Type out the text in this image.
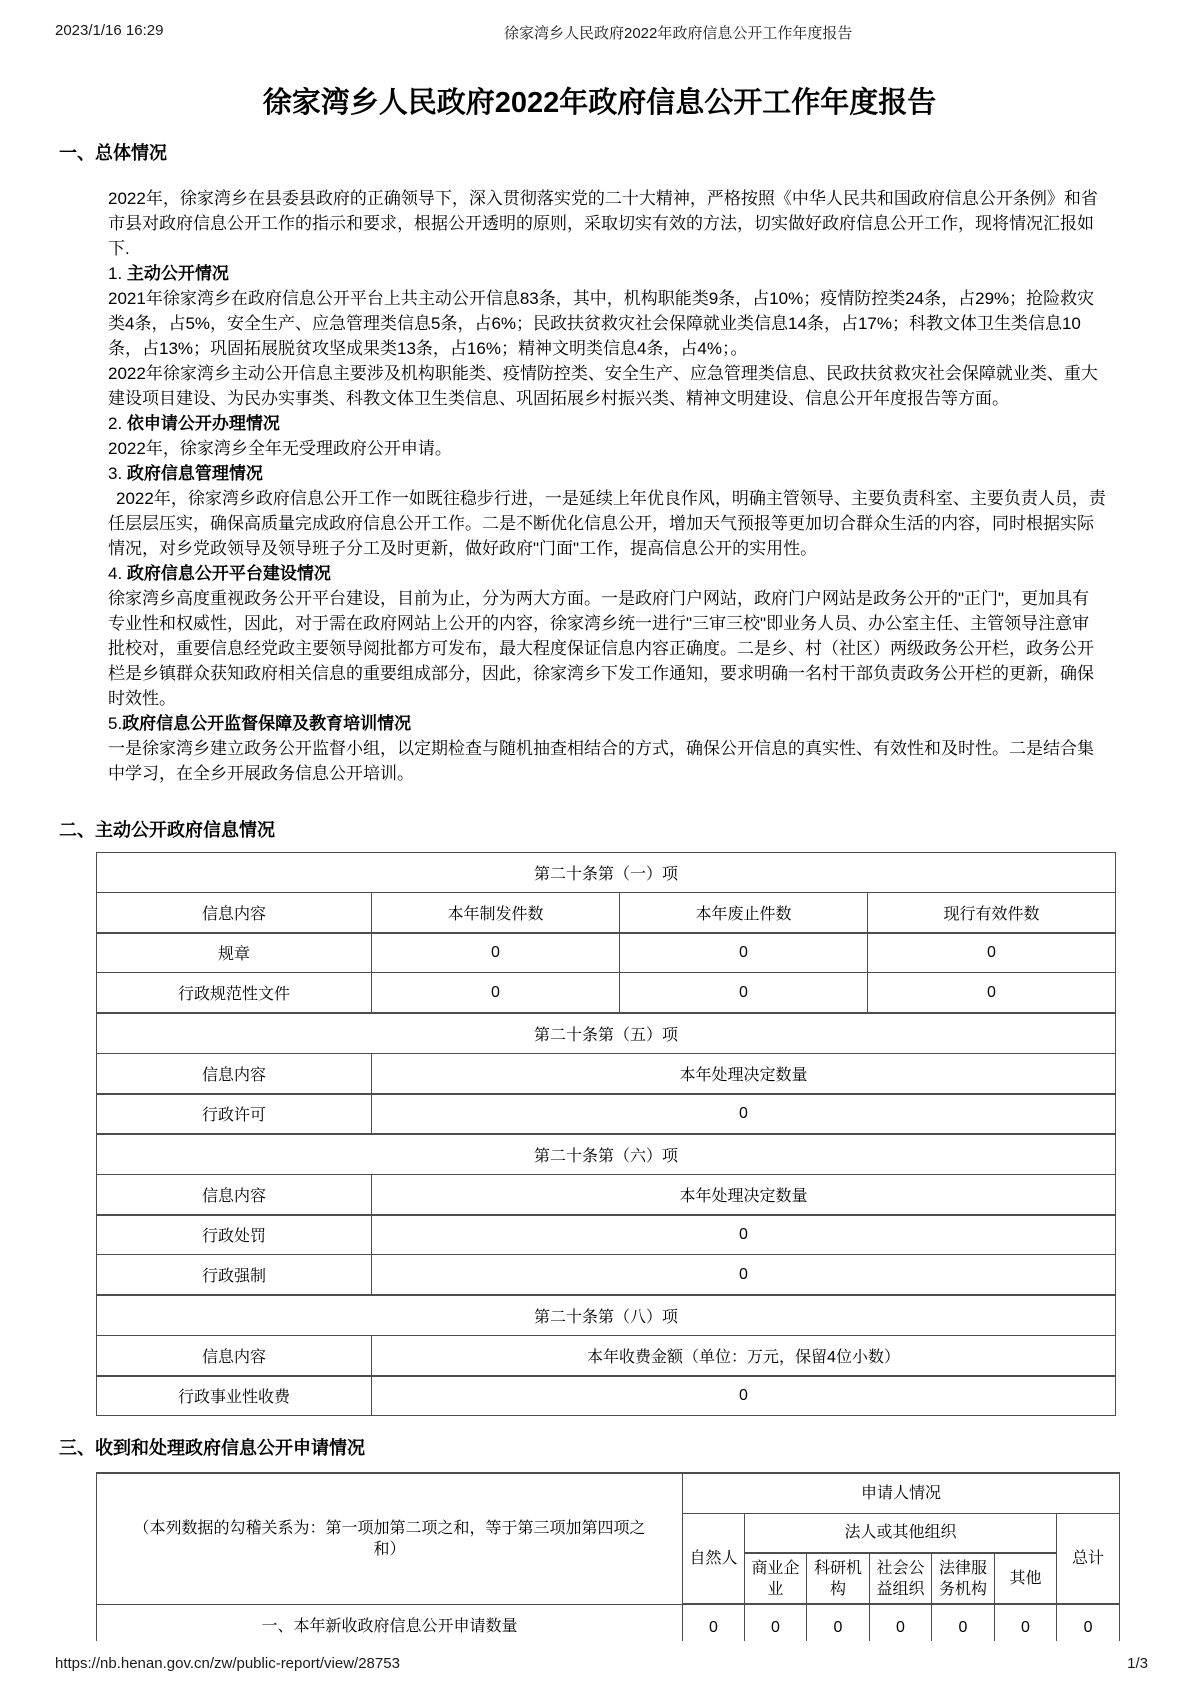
2023/1/16 16:29	徐家湾乡人民政府2022年政府信息公开工作年度报告
徐家湾乡人民政府2022年政府信息公开工作年度报告
一、总体情况

2022年，徐家湾乡在县委县政府的正确领导下，深入贯彻落实党的二十大精神，严格按照《中华人民共和国政府信息公开条例》和省市县对政府信息公开工作的指示和要求，根据公开透明的原则，采取切实有效的方法，切实做好政府信息公开工作，现将情况汇报如下.

1. 主动公开情况

2021年徐家湾乡在政府信息公开平台上共主动公开信息83条，其中，机构职能类9条，占10%；疫情防控类24条，占29%；抢险救灾类4条，占5%，安全生产、应急管理类信息5条，占6%；民政扶贫救灾社会保障就业类信息14条，占17%；科教文体卫生类信息10条，占13%；巩固拓展脱贫攻坚成果类13条，占16%；精神文明类信息4条，占4%；。

2022年徐家湾乡主动公开信息主要涉及机构职能类、疫情防控类、安全生产、应急管理类信息、民政扶贫救灾社会保障就业类、重大建设项目建设、为民办实事类、科教文体卫生类信息、巩固拓展乡村振兴类、精神文明建设、信息公开年度报告等方面。

2. 依申请公开办理情况

2022年，徐家湾乡全年无受理政府公开申请。

3. 政府信息管理情况

2022年，徐家湾乡政府信息公开工作一如既往稳步行进，一是延续上年优良作风，明确主管领导、主要负责科室、主要负责人员，责任层层压实，确保高质量完成政府信息公开工作。二是不断优化信息公开，增加天气预报等更加切合群众生活的内容，同时根据实际情况，对乡党政领导及领导班子分工及时更新，做好政府"门面"工作，提高信息公开的实用性。

4. 政府信息公开平台建设情况

徐家湾乡高度重视政务公开平台建设，目前为止，分为两大方面。一是政府门户网站，政府门户网站是政务公开的"正门"，更加具有专业性和权威性，因此，对于需在政府网站上公开的内容，徐家湾乡统一进行"三审三校"即业务人员、办公室主任、主管领导注意审批校对，重要信息经党政主要领导阅批都方可发布，最大程度保证信息内容正确度。二是乡、村（社区）两级政务公开栏，政务公开栏是乡镇群众获知政府相关信息的重要组成部分，因此，徐家湾乡下发工作通知，要求明确一名村干部负责政务公开栏的更新，确保时效性。

5.政府信息公开监督保障及教育培训情况

一是徐家湾乡建立政务公开监督小组，以定期检查与随机抽查相结合的方式，确保公开信息的真实性、有效性和及时性。二是结合集中学习，在全乡开展政务信息公开培训。

二、主动公开政府信息情况
第二十条第（一）项			
信息内容	本年制发件数	本年废止件数	现行有效件数
规章	0	0	0
行政规范性文件	0	0	0
第二十条第（五）项	
信息内容	本年处理决定数量
行政许可	0
第二十条第（六）项	
信息内容	本年处理决定数量
行政处罚	0
行政强制	0
第二十条第（八）项	
信息内容	本年收费金额（单位：万元，保留4位小数）
行政事业性收费	0
三、收到和处理政府信息公开申请情况
（本列数据的勾稽关系为：第一项加第二项之和，等于第三项加第四项之和）	申请人情况						
	自然人	法人或其他组织					总计
		商业企业	科研机构	社会公益组织	法律服务机构	其他	
一、本年新收政府信息公开申请数量	0	0	0	0	0	0	0
https://nb.henan.gov.cn/zw/public-report/view/28753	1/3
